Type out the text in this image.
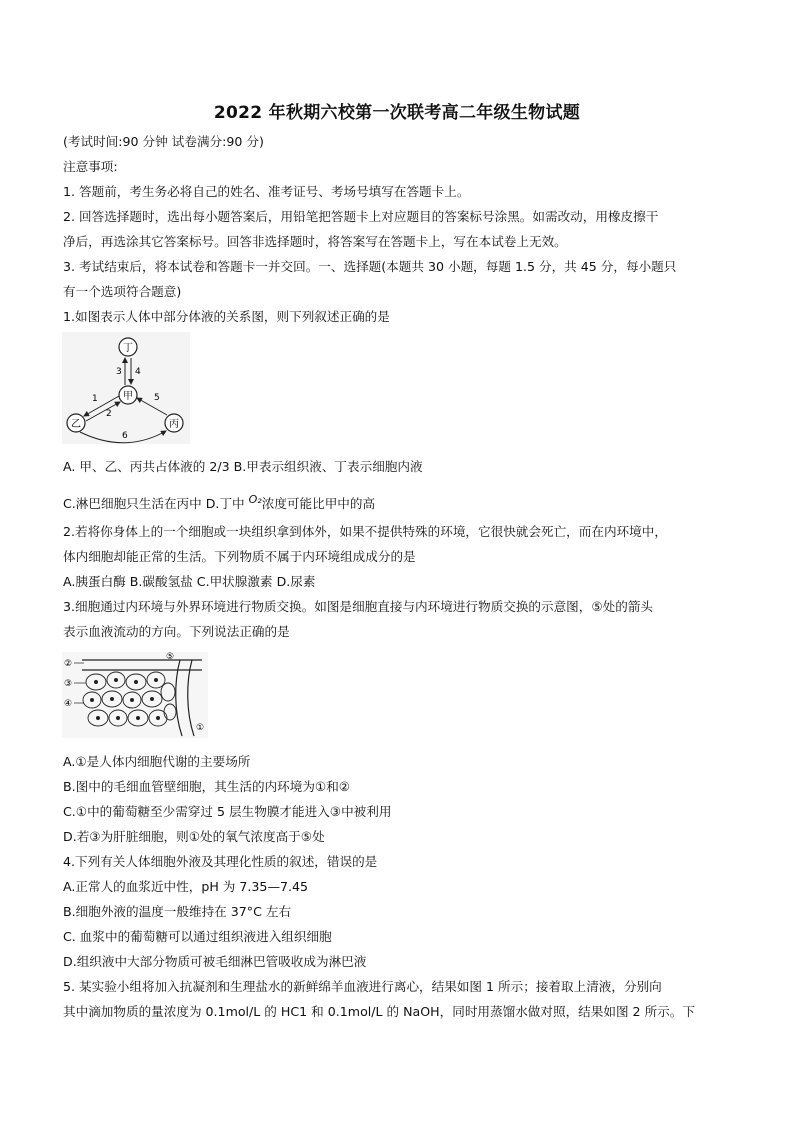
2022 年秋期六校第一次联考高二年级生物试题
(考试时间:90 分钟 试卷满分:90 分)
注意事项:
1. 答题前，考生务必将自己的姓名、准考证号、考场号填写在答题卡上。
2. 回答选择题时，选出每小题答案后，用铅笔把答题卡上对应题目的答案标号涂黑。如需改动，用橡皮擦干
净后，再选涂其它答案标号。回答非选择题时，将答案写在答题卡上，写在本试卷上无效。
3. 考试结束后，将本试卷和答题卡一并交回。一、选择题(本题共 30 小题，每题 1.5 分，共 45 分，每小题只
有一个选项符合题意)
1.如图表示人体中部分体液的关系图，则下列叙述正确的是
丁
甲
乙	丙
3 4
1
2
5
6
A. 甲、乙、丙共占体液的 2/3 B.甲表示组织液、丁表示细胞内液
C.淋巴细胞只生活在丙中 D.丁中 O₂浓度可能比甲中的高
2.若将你身体上的一个细胞或一块组织拿到体外，如果不提供特殊的环境，它很快就会死亡，而在内环境中，
体内细胞却能正常的生活。下列物质不属于内环境组成成分的是
A.胰蛋白酶 B.碳酸氢盐 C.甲状腺激素 D.尿素
3.细胞通过内环境与外界环境进行物质交换。如图是细胞直接与内环境进行物质交换的示意图，⑤处的箭头
表示血液流动的方向。下列说法正确的是
②
③
④
⑤
①
A.①是人体内细胞代谢的主要场所
B.图中的毛细血管壁细胞，其生活的内环境为①和②
C.①中的葡萄糖至少需穿过 5 层生物膜才能进入③中被利用
D.若③为肝脏细胞，则①处的氧气浓度高于⑤处
4.下列有关人体细胞外液及其理化性质的叙述，错误的是
A.正常人的血浆近中性，pH 为 7.35—7.45
B.细胞外液的温度一般维持在 37°C 左右
C. 血浆中的葡萄糖可以通过组织液进入组织细胞
D.组织液中大部分物质可被毛细淋巴管吸收成为淋巴液
5. 某实验小组将加入抗凝剂和生理盐水的新鲜绵羊血液进行离心，结果如图 1 所示；接着取上清液，分别向
其中滴加物质的量浓度为 0.1mol/L 的 HC1 和 0.1mol/L 的 NaOH，同时用蒸馏水做对照，结果如图 2 所示。下
